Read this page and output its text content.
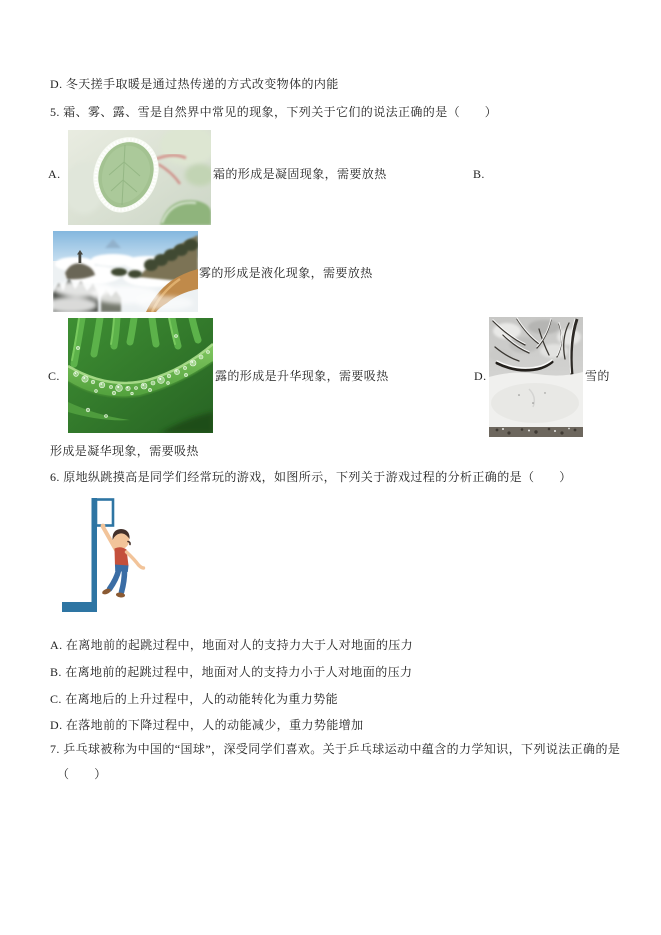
D. 冬天搓手取暖是通过热传递的方式改变物体的内能
5. 霜、雾、露、雪是自然界中常见的现象，下列关于它们的说法正确的是（　　）
A.	霜的形成是凝固现象，需要放热	B.
雾的形成是液化现象，需要放热
C.	露的形成是升华现象，需要吸热	D.	雪的
形成是凝华现象，需要吸热
6. 原地纵跳摸高是同学们经常玩的游戏，如图所示，下列关于游戏过程的分析正确的是（　　）
A. 在离地前的起跳过程中，地面对人的支持力大于人对地面的压力
B. 在离地前的起跳过程中，地面对人的支持力小于人对地面的压力
C. 在离地后的上升过程中，人的动能转化为重力势能
D. 在落地前的下降过程中，人的动能减少，重力势能增加
7. 乒乓球被称为中国的“国球”，深受同学们喜欢。关于乒乓球运动中蕴含的力学知识，下列说法正确的是
（　　）
